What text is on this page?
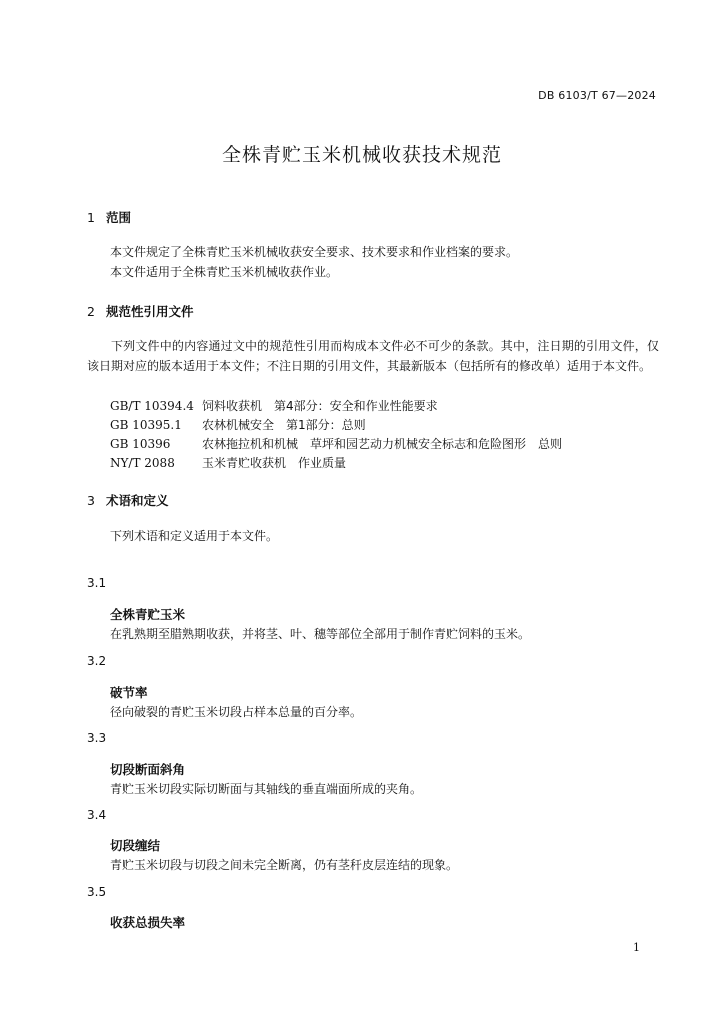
DB 6103/T 67—2024
全株青贮玉米机械收获技术规范
1 范围
本文件规定了全株青贮玉米机械收获安全要求、技术要求和作业档案的要求。
本文件适用于全株青贮玉米机械收获作业。
2 规范性引用文件
下列文件中的内容通过文中的规范性引用而构成本文件必不可少的条款。其中，注日期的引用文件，仅该日期对应的版本适用于本文件；不注日期的引用文件，其最新版本（包括所有的修改单）适用于本文件。
GB/T 10394.4 饲料收获机　第4部分：安全和作业性能要求
GB 10395.1 农林机械安全　第1部分：总则
GB 10396	农林拖拉机和机械　草坪和园艺动力机械安全标志和危险图形　总则
NY/T 2088 玉米青贮收获机　作业质量
3 术语和定义
下列术语和定义适用于本文件。
3.1
全株青贮玉米
在乳熟期至腊熟期收获，并将茎、叶、穗等部位全部用于制作青贮饲料的玉米。
3.2
破节率
径向破裂的青贮玉米切段占样本总量的百分率。
3.3
切段断面斜角
青贮玉米切段实际切断面与其轴线的垂直端面所成的夹角。
3.4
切段缠结
青贮玉米切段与切段之间未完全断离，仍有茎秆皮层连结的现象。
3.5
收获总损失率
1
